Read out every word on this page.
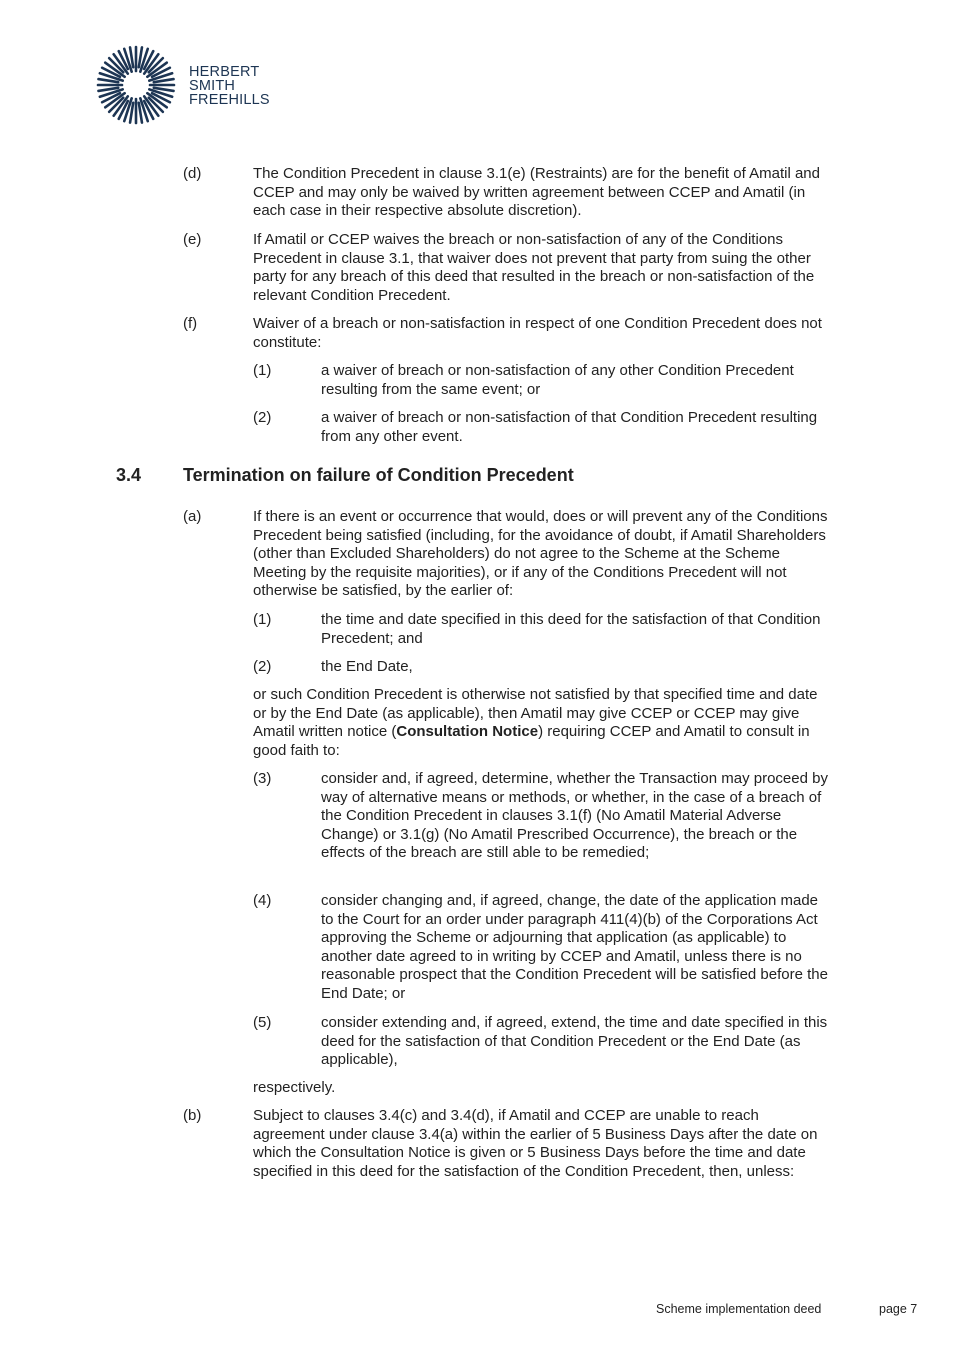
HERBERT
SMITH
FREEHILLS
(d)	The Condition Precedent in clause 3.1(e) (Restraints) are for the benefit of Amatil and CCEP and may only be waived by written agreement between CCEP and Amatil (in each case in their respective absolute discretion).
(e)	If Amatil or CCEP waives the breach or non-satisfaction of any of the Conditions Precedent in clause 3.1, that waiver does not prevent that party from suing the other party for any breach of this deed that resulted in the breach or non-satisfaction of the relevant Condition Precedent.
(f)	Waiver of a breach or non-satisfaction in respect of one Condition Precedent does not constitute:
(1)	a waiver of breach or non-satisfaction of any other Condition Precedent resulting from the same event; or
(2)	a waiver of breach or non-satisfaction of that Condition Precedent resulting from any other event.
3.4 Termination on failure of Condition Precedent
(a)	If there is an event or occurrence that would, does or will prevent any of the Conditions Precedent being satisfied (including, for the avoidance of doubt, if Amatil Shareholders (other than Excluded Shareholders) do not agree to the Scheme at the Scheme Meeting by the requisite majorities), or if any of the Conditions Precedent will not otherwise be satisfied, by the earlier of:
(1)	the time and date specified in this deed for the satisfaction of that Condition Precedent; and
(2)	the End Date,
or such Condition Precedent is otherwise not satisfied by that specified time and date or by the End Date (as applicable), then Amatil may give CCEP or CCEP may give Amatil written notice (Consultation Notice) requiring CCEP and Amatil to consult in good faith to:
(3)	consider and, if agreed, determine, whether the Transaction may proceed by way of alternative means or methods, or whether, in the case of a breach of the Condition Precedent in clauses 3.1(f) (No Amatil Material Adverse Change) or 3.1(g) (No Amatil Prescribed Occurrence), the breach or the effects of the breach are still able to be remedied;
(4)	consider changing and, if agreed, change, the date of the application made to the Court for an order under paragraph 411(4)(b) of the Corporations Act approving the Scheme or adjourning that application (as applicable) to another date agreed to in writing by CCEP and Amatil, unless there is no reasonable prospect that the Condition Precedent will be satisfied before the End Date; or
(5)	consider extending and, if agreed, extend, the time and date specified in this deed for the satisfaction of that Condition Precedent or the End Date (as applicable),
respectively.
(b)	Subject to clauses 3.4(c) and 3.4(d), if Amatil and CCEP are unable to reach agreement under clause 3.4(a) within the earlier of 5 Business Days after the date on which the Consultation Notice is given or 5 Business Days before the time and date specified in this deed for the satisfaction of the Condition Precedent, then, unless:
Scheme implementation deed	page 7
